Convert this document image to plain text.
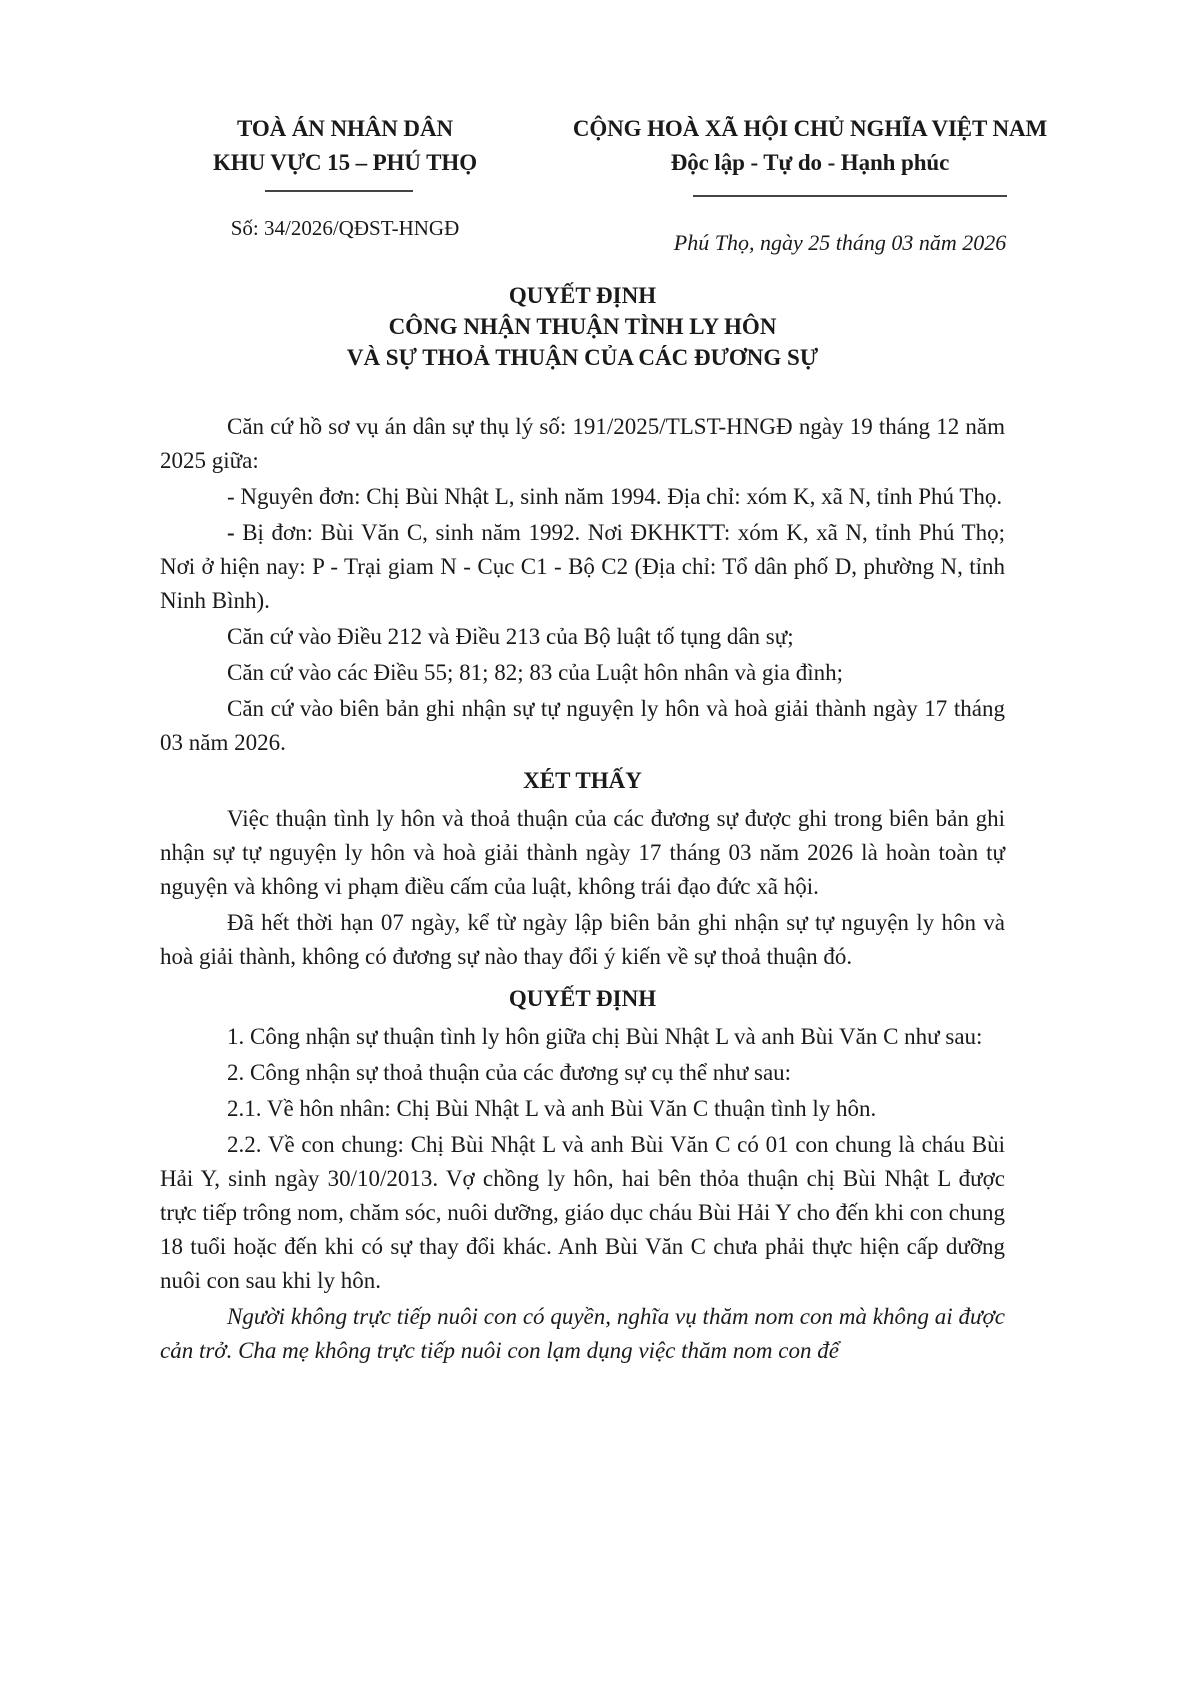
TOÀ ÁN NHÂN DÂN
KHU VỰC 15 – PHÚ THỌ
CỘNG HOÀ XÃ HỘI CHỦ NGHĨA VIỆT NAM
Độc lập - Tự do - Hạnh phúc
Số: 34/2026/QĐST-HNGĐ
Phú Thọ, ngày 25 tháng 03 năm 2026
QUYẾT ĐỊNH
CÔNG NHẬN THUẬN TÌNH LY HÔN
VÀ SỰ THOẢ THUẬN CỦA CÁC ĐƯƠNG SỰ

Căn cứ hồ sơ vụ án dân sự thụ lý số: 191/2025/TLST-HNGĐ ngày 19 tháng 12 năm 2025 giữa:

- Nguyên đơn: Chị Bùi Nhật L, sinh năm 1994. Địa chỉ: xóm K, xã N, tỉnh Phú Thọ.

- Bị đơn: Bùi Văn C, sinh năm 1992. Nơi ĐKHKTT: xóm K, xã N, tỉnh Phú Thọ; Nơi ở hiện nay: P - Trại giam N - Cục C1 - Bộ C2 (Địa chỉ: Tổ dân phố D, phường N, tỉnh Ninh Bình).

Căn cứ vào Điều 212 và Điều 213 của Bộ luật tố tụng dân sự;

Căn cứ vào các Điều 55; 81; 82; 83 của Luật hôn nhân và gia đình;

Căn cứ vào biên bản ghi nhận sự tự nguyện ly hôn và hoà giải thành ngày 17 tháng 03 năm 2026.

XÉT THẤY

Việc thuận tình ly hôn và thoả thuận của các đương sự được ghi trong biên bản ghi nhận sự tự nguyện ly hôn và hoà giải thành ngày 17 tháng 03 năm 2026 là hoàn toàn tự nguyện và không vi phạm điều cấm của luật, không trái đạo đức xã hội.

Đã hết thời hạn 07 ngày, kể từ ngày lập biên bản ghi nhận sự tự nguyện ly hôn và hoà giải thành, không có đương sự nào thay đổi ý kiến về sự thoả thuận đó.

QUYẾT ĐỊNH

1. Công nhận sự thuận tình ly hôn giữa chị Bùi Nhật L và anh Bùi Văn C như sau:

2. Công nhận sự thoả thuận của các đương sự cụ thể như sau:

2.1. Về hôn nhân: Chị Bùi Nhật L và anh Bùi Văn C thuận tình ly hôn.

2.2. Về con chung: Chị Bùi Nhật L và anh Bùi Văn C có 01 con chung là cháu Bùi Hải Y, sinh ngày 30/10/2013. Vợ chồng ly hôn, hai bên thỏa thuận chị Bùi Nhật L được trực tiếp trông nom, chăm sóc, nuôi dưỡng, giáo dục cháu Bùi Hải Y cho đến khi con chung 18 tuổi hoặc đến khi có sự thay đổi khác. Anh Bùi Văn C chưa phải thực hiện cấp dưỡng nuôi con sau khi ly hôn.

Người không trực tiếp nuôi con có quyền, nghĩa vụ thăm nom con mà không ai được cản trở. Cha mẹ không trực tiếp nuôi con lạm dụng việc thăm nom con để
